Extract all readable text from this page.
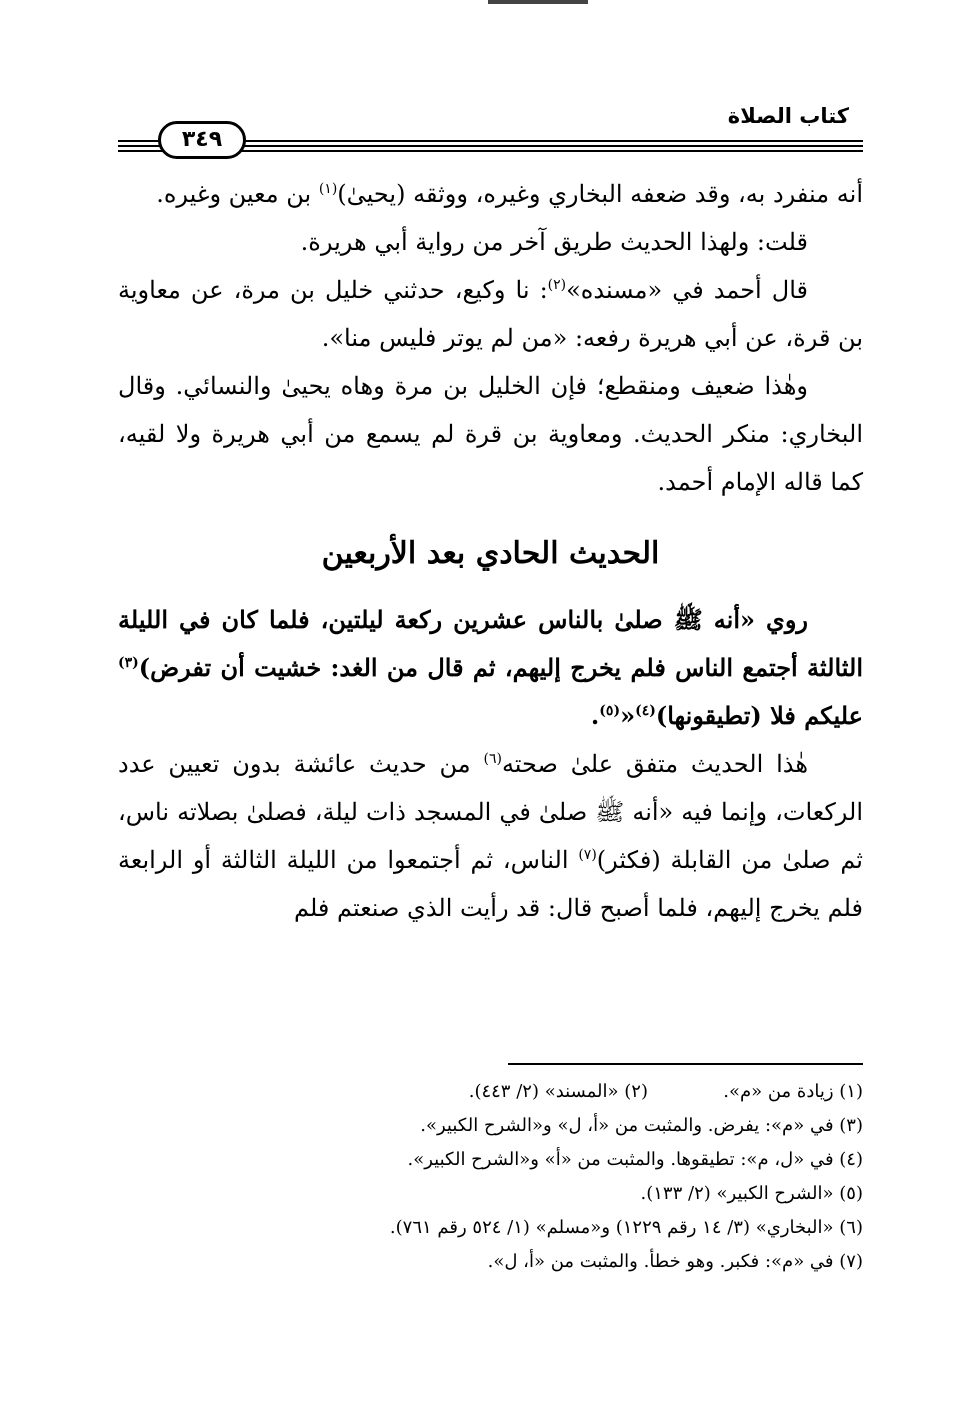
كتاب الصلاة
٣٤٩

أنه منفرد به، وقد ضعفه البخاري وغيره، ووثقه (يحيىٰ)$^{(١)}$ بن معين وغيره.

قلت: ولهذا الحديث طريق آخر من رواية أبي هريرة.

قال أحمد في «مسنده»$^{(٢)}$: نا وكيع، حدثني خليل بن مرة، عن معاوية بن قرة، عن أبي هريرة رفعه: «من لم يوتر فليس منا».

وهٰذا ضعيف ومنقطع؛ فإن الخليل بن مرة وهاه يحيىٰ والنسائي. وقال البخاري: منكر الحديث. ومعاوية بن قرة لم يسمع من أبي هريرة ولا لقيه، كما قاله الإمام أحمد.

الحديث الحادي بعد الأربعين

روي «أنه ﷺ صلىٰ بالناس عشرين ركعة ليلتين، فلما كان في الليلة الثالثة أجتمع الناس فلم يخرج إليهم، ثم قال من الغد: خشيت أن تفرض)$^{(٣)}$ عليكم فلا (تطيقونها)$^{(٤)}$«$^{(٥)}$.

هٰذا الحديث متفق علىٰ صحته$^{(٦)}$ من حديث عائشة بدون تعيين عدد الركعات، وإنما فيه «أنه ﷺ صلىٰ في المسجد ذات ليلة، فصلىٰ بصلاته ناس، ثم صلىٰ من القابلة (فكثر)$^{(٧)}$ الناس، ثم أجتمعوا من الليلة الثالثة أو الرابعة فلم يخرج إليهم، فلما أصبح قال: قد رأيت الذي صنعتم فلم

(١) زيادة من «م».

(٢) «المسند» (٢/ ٤٤٣).

(٣) في «م»: يفرض. والمثبت من «أ، ل» و«الشرح الكبير».

(٤) في «ل، م»: تطيقوها. والمثبت من «أ» و«الشرح الكبير».

(٥) «الشرح الكبير» (٢/ ١٣٣).

(٦) «البخاري» (٣/ ١٤ رقم ١٢٢٩) و«مسلم» (١/ ٥٢٤ رقم ٧٦١).

(٧) في «م»: فكبر. وهو خطأ. والمثبت من «أ، ل».
